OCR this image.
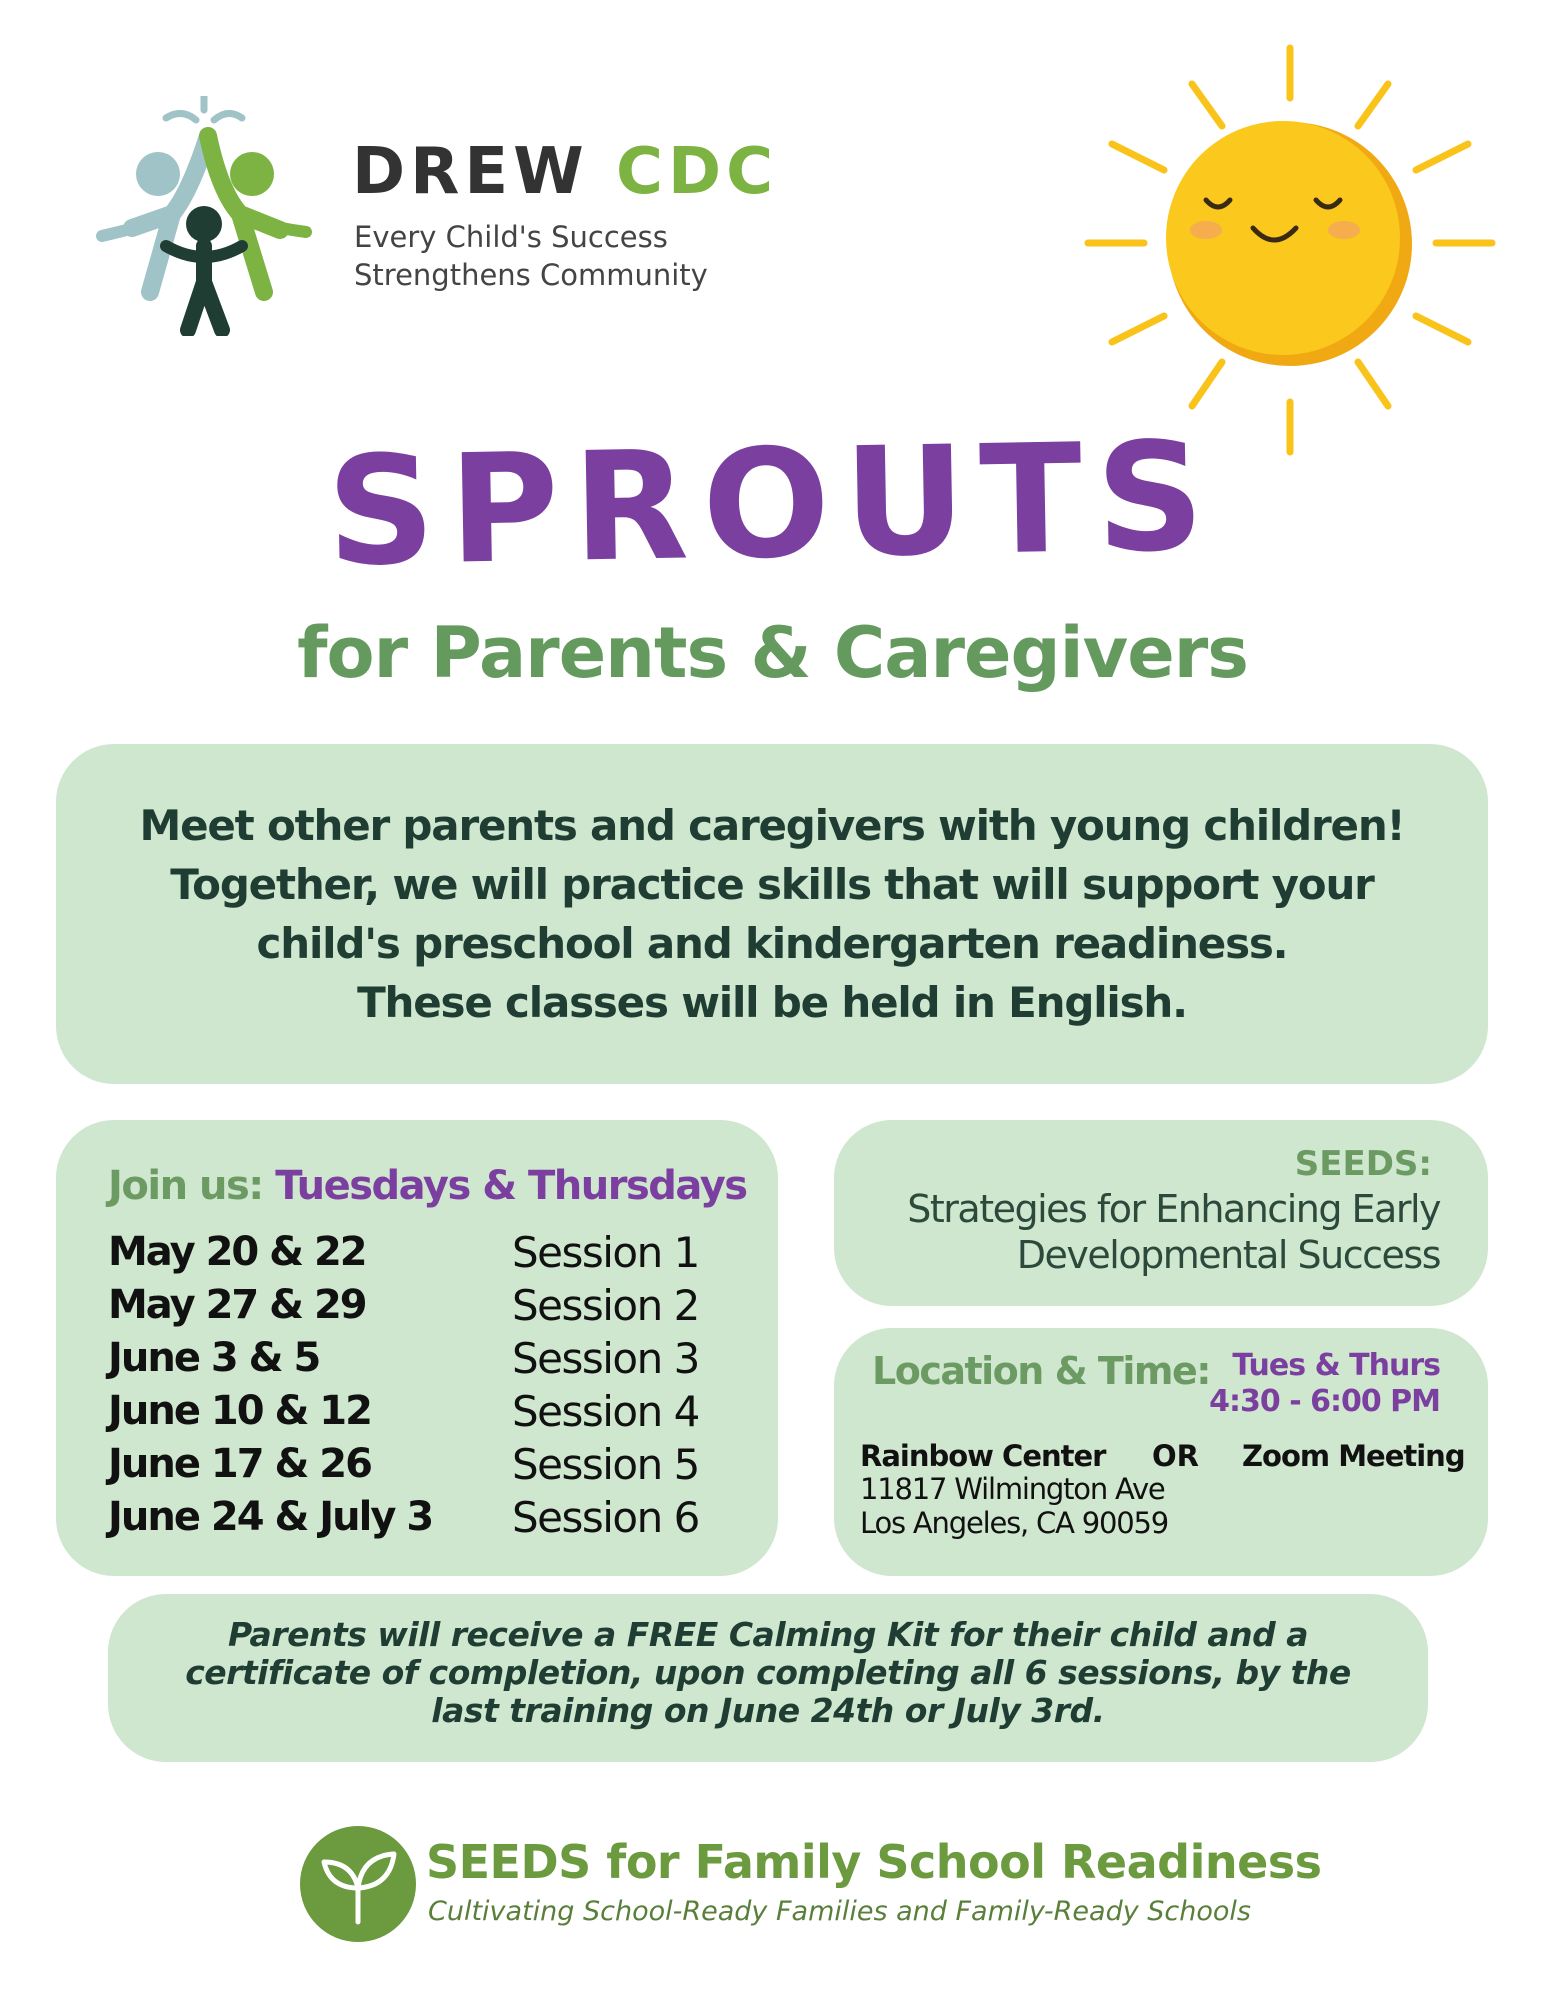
DREW CDC
Every Child's Success
Strengthens Community
SPROUTS
for Parents & Caregivers
Meet other parents and caregivers with young children!
Together, we will practice skills that will support your
child's preschool and kindergarten readiness.
These classes will be held in English.
Join us: Tuesdays & Thursdays
May 20 & 22	Session 1
May 27 & 29	Session 2
June 3 & 5	Session 3
June 10 & 12	Session 4
June 17 & 26	Session 5
June 24 & July 3 Session 6
SEEDS:
Strategies for Enhancing Early
Developmental Success
Location & Time: Tues & Thurs
4:30 - 6:00 PM
Rainbow Center OR Zoom Meeting
11817 Wilmington Ave
Los Angeles, CA 90059
Parents will receive a FREE Calming Kit for their child and a
certificate of completion, upon completing all 6 sessions, by the
last training on June 24th or July 3rd.
SEEDS for Family School Readiness
Cultivating School-Ready Families and Family-Ready Schools
